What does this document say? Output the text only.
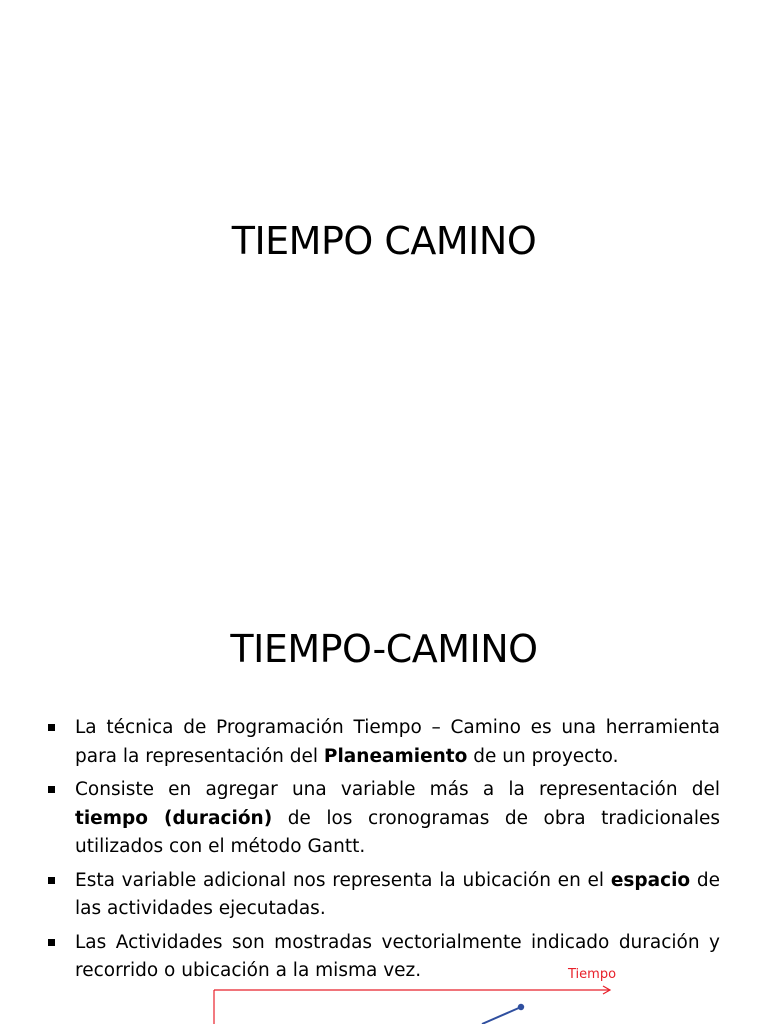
TIEMPO CAMINO
TIEMPO-CAMINO
La técnica de Programación Tiempo – Camino es una herramienta para la representación del Planeamiento de un proyecto.
Consiste en agregar una variable más a la representación del tiempo (duración) de los cronogramas de obra tradicionales utilizados con el método Gantt.
Esta variable adicional nos representa la ubicación en el espacio de las actividades ejecutadas.
Las Actividades son mostradas vectorialmente indicado duración y recorrido o ubicación a la misma vez.	Tiempo
